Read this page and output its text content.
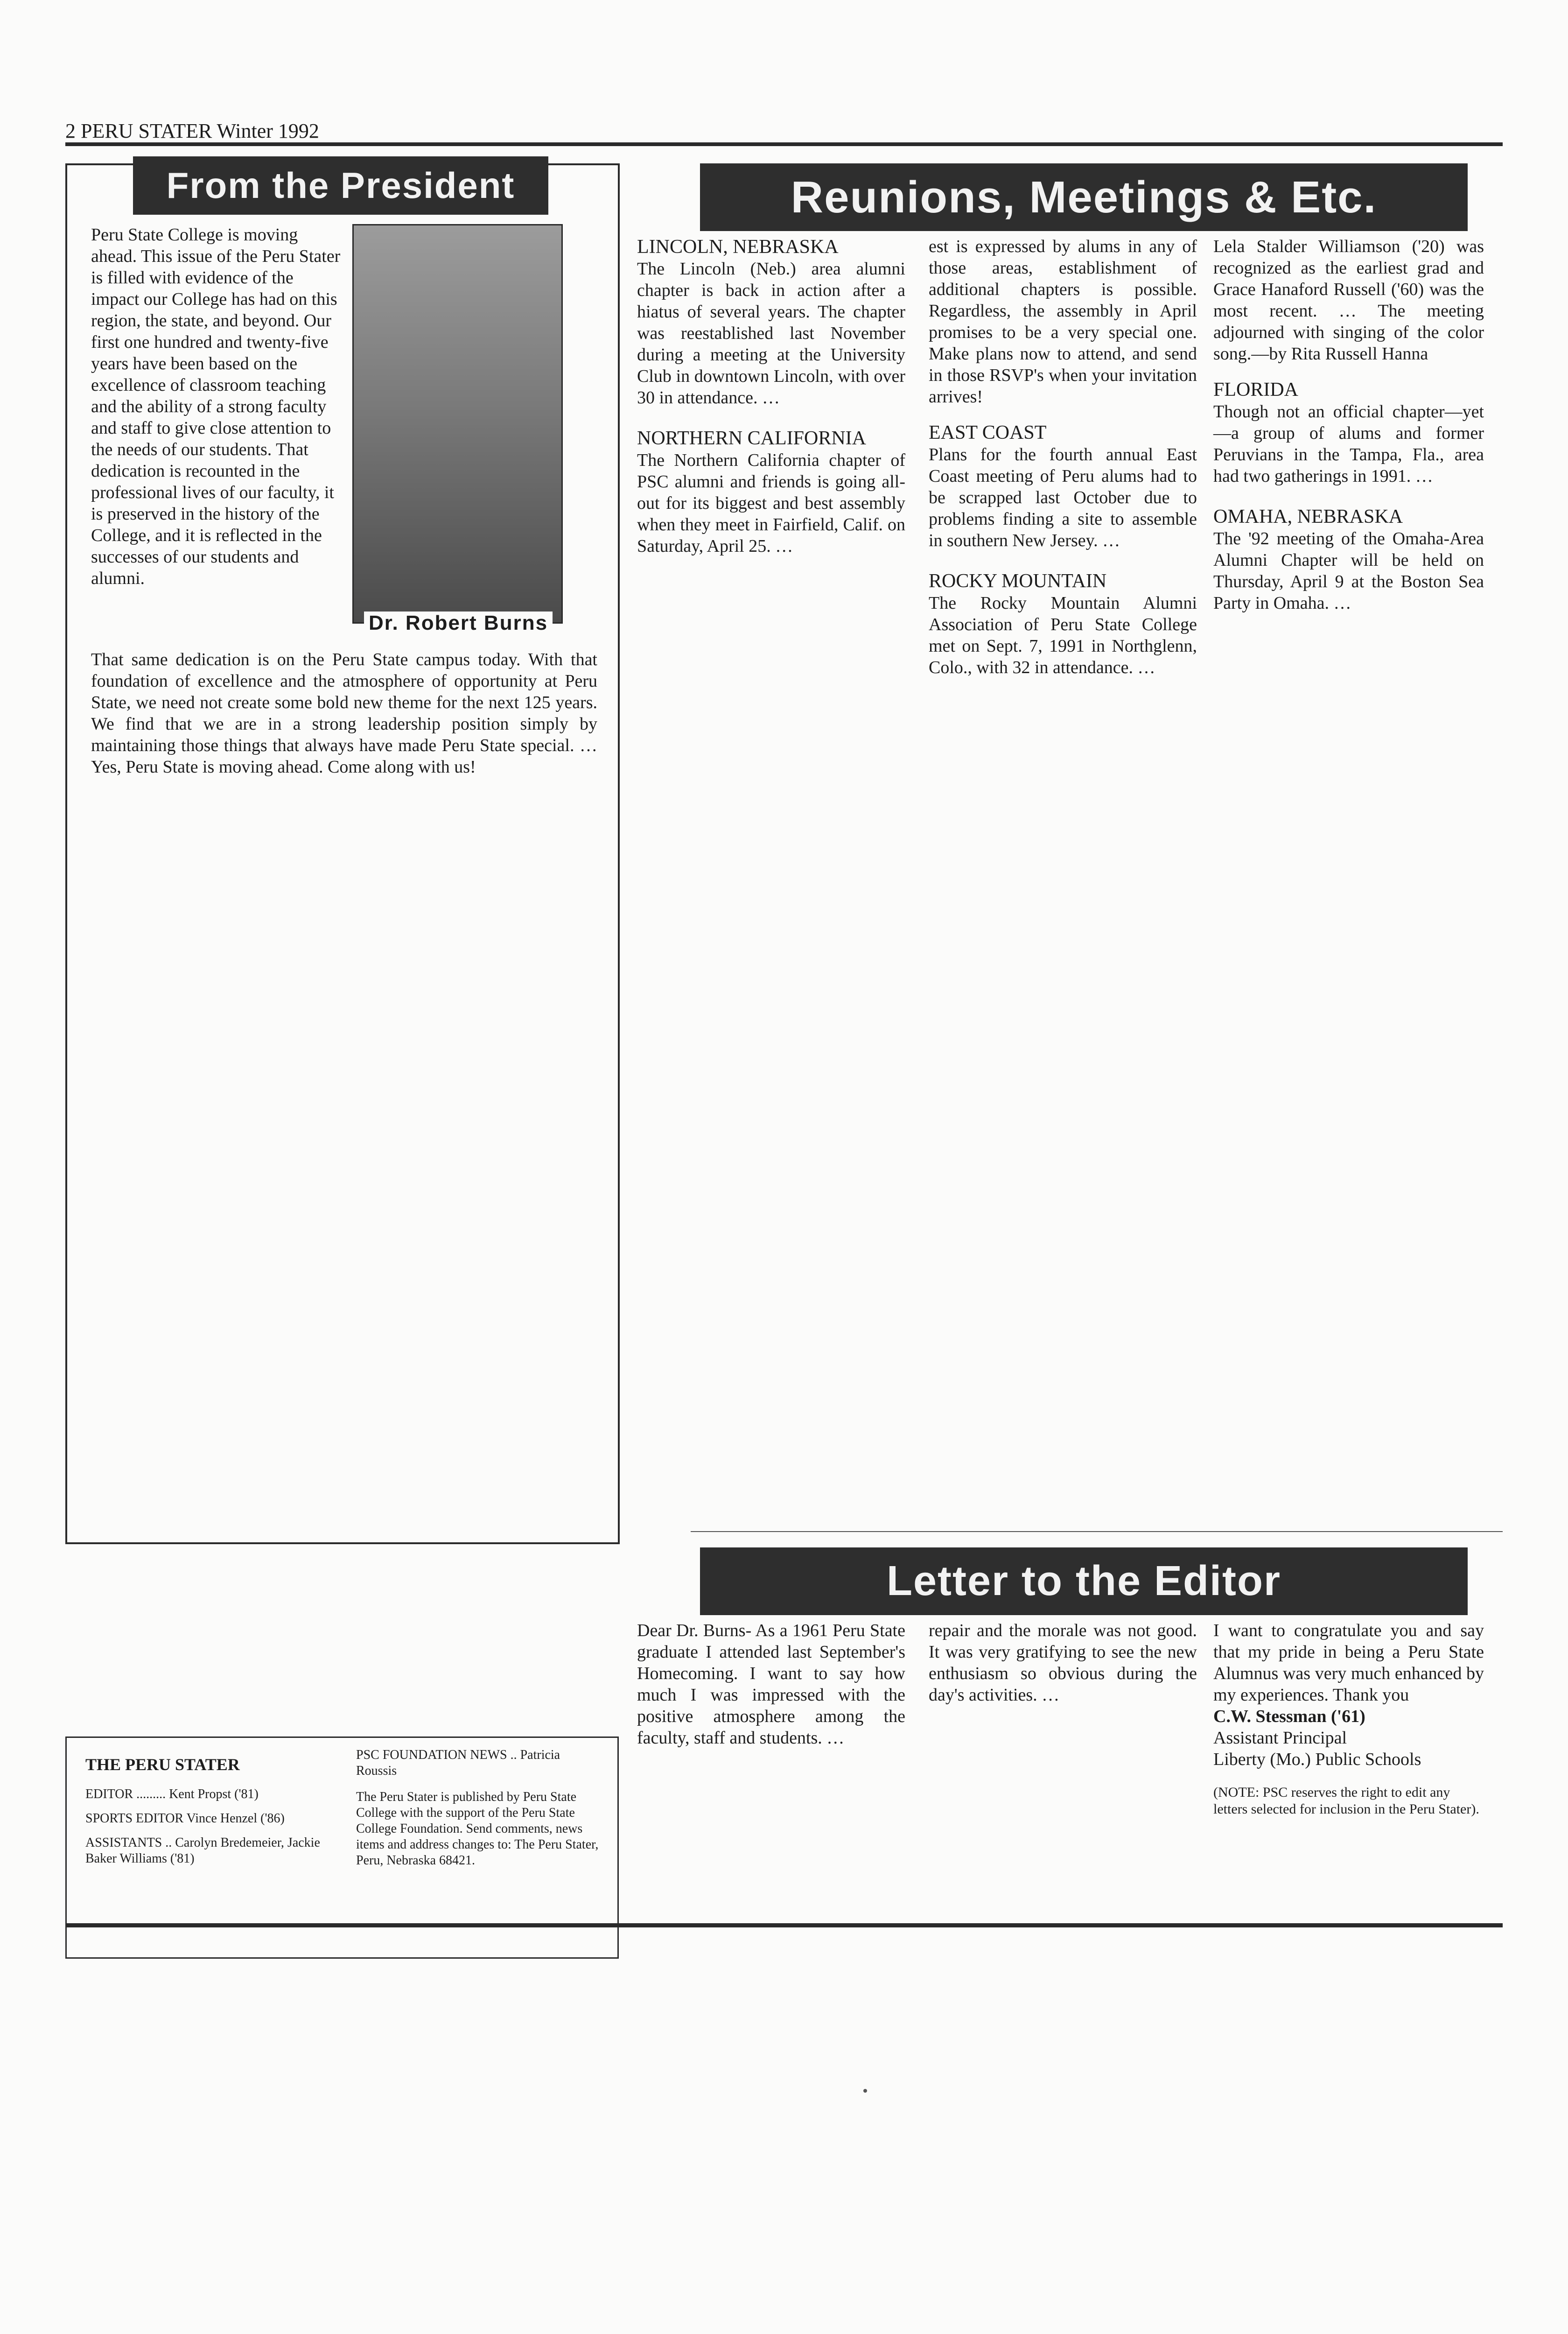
2 PERU STATER Winter 1992
From the President
Dr. Robert Burns
Peru State College is moving ahead. This issue of the Peru Stater is filled with evidence of the impact our College has had on this region, the state, and beyond. Our first one hundred and twenty-five years have been based on the excellence of classroom teaching and the ability of a strong faculty and staff to give close attention to the needs of our students. That dedication is recounted in the professional lives of our faculty, it is preserved in the history of the College, and it is reflected in the successes of our students and alumni.
That same dedication is on the Peru State campus today. With that foundation of excellence and the atmosphere of opportunity at Peru State, we need not create some bold new theme for the next 125 years. We find that we are in a strong leadership position simply by maintaining those things that always have made Peru State special. … Yes, Peru State is moving ahead. Come along with us!
Reunions, Meetings & Etc.
LINCOLN, NEBRASKA
The Lincoln (Neb.) area alumni chapter is back in action after a hiatus of several years. The chapter was reestablished last November during a meeting at the University Club in downtown Lincoln, with over 30 in attendance. …
NORTHERN CALIFORNIA
The Northern California chapter of PSC alumni and friends is going all-out for its biggest and best assembly when they meet in Fairfield, Calif. on Saturday, April 25. …
est is expressed by alums in any of those areas, establishment of additional chapters is possible. Regardless, the assembly in April promises to be a very special one. Make plans now to attend, and send in those RSVP's when your invitation arrives!
EAST COAST
Plans for the fourth annual East Coast meeting of Peru alums had to be scrapped last October due to problems finding a site to assemble in southern New Jersey. …
ROCKY MOUNTAIN
The Rocky Mountain Alumni Association of Peru State College met on Sept. 7, 1991 in Northglenn, Colo., with 32 in attendance. …
Lela Stalder Williamson ('20) was recognized as the earliest grad and Grace Hanaford Russell ('60) was the most recent. … The meeting adjourned with singing of the color song.—by Rita Russell Hanna
FLORIDA
Though not an official chapter—yet—a group of alums and former Peruvians in the Tampa, Fla., area had two gatherings in 1991. …
OMAHA, NEBRASKA
The '92 meeting of the Omaha-Area Alumni Chapter will be held on Thursday, April 9 at the Boston Sea Party in Omaha. …
Letter to the Editor
Dear Dr. Burns- As a 1961 Peru State graduate I attended last September's Homecoming. I want to say how much I was impressed with the positive atmosphere among the faculty, staff and students. …
repair and the morale was not good. It was very gratifying to see the new enthusiasm so obvious during the day's activities. …
I want to congratulate you and say that my pride in being a Peru State Alumnus was very much enhanced by my experiences. Thank you
C.W. Stessman ('61)
Assistant Principal
Liberty (Mo.) Public Schools
(NOTE: PSC reserves the right to edit any letters selected for inclusion in the Peru Stater).
THE PERU STATER
EDITOR ......... Kent Propst ('81)
SPORTS EDITOR Vince Henzel ('86)
ASSISTANTS .. Carolyn Bredemeier, Jackie Baker Williams ('81)
PSC FOUNDATION NEWS .. Patricia Roussis
The Peru Stater is published by Peru State College with the support of the Peru State College Foundation. Send comments, news items and address changes to: The Peru Stater, Peru, Nebraska 68421.
